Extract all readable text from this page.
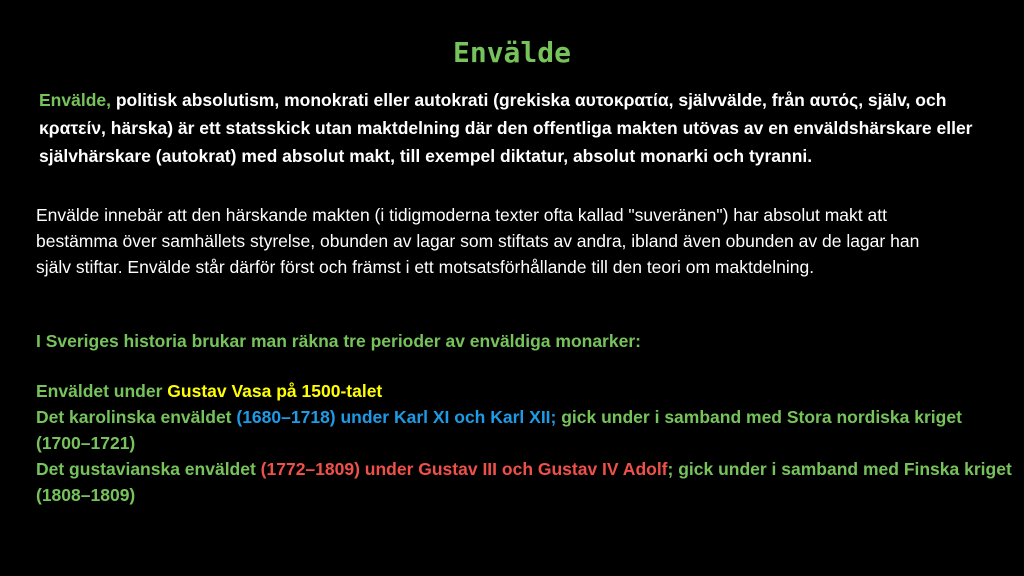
Envälde
Envälde, politisk absolutism, monokrati eller autokrati (grekiska αυτοκρατία, självvälde, från αυτός, själv, och κρατείν, härska) är ett statsskick utan maktdelning där den offentliga makten utövas av en enväldshärskare eller självhärskare (autokrat) med absolut makt, till exempel diktatur, absolut monarki och tyranni.
Envälde innebär att den härskande makten (i tidigmoderna texter ofta kallad "suveränen") har absolut makt att bestämma över samhällets styrelse, obunden av lagar som stiftats av andra, ibland även obunden av de lagar han själv stiftar. Envälde står därför först och främst i ett motsatsförhållande till den teori om maktdelning.
I Sveriges historia brukar man räkna tre perioder av enväldiga monarker:
Enväldet under Gustav Vasa på 1500-talet
Det karolinska enväldet (1680–1718) under Karl XI och Karl XII; gick under i samband med Stora nordiska kriget (1700–1721)
Det gustavianska enväldet (1772–1809) under Gustav III och Gustav IV Adolf; gick under i samband med Finska kriget (1808–1809)
